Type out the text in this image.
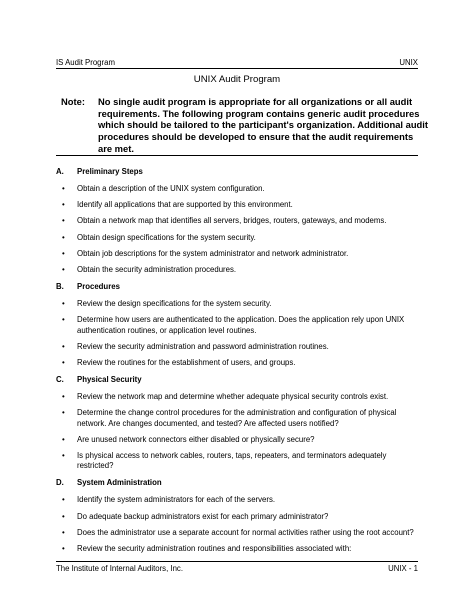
IS Audit Program	UNIX
UNIX Audit Program
Note: No single audit program is appropriate for all organizations or all audit requirements. The following program contains generic audit procedures which should be tailored to the participant's organization. Additional audit procedures should be developed to ensure that the audit requirements are met.
A. Preliminary Steps
• Obtain a description of the UNIX system configuration.
• Identify all applications that are supported by this environment.
• Obtain a network map that identifies all servers, bridges, routers, gateways, and modems.
• Obtain design specifications for the system security.
• Obtain job descriptions for the system administrator and network administrator.
• Obtain the security administration procedures.
B. Procedures
• Review the design specifications for the system security.
• Determine how users are authenticated to the application. Does the application rely upon UNIX authentication routines, or application level routines.
• Review the security administration and password administration routines.
• Review the routines for the establishment of users, and groups.
C. Physical Security
• Review the network map and determine whether adequate physical security controls exist.
• Determine the change control procedures for the administration and configuration of physical network. Are changes documented, and tested? Are affected users notified?
• Are unused network connectors either disabled or physically secure?
• Is physical access to network cables, routers, taps, repeaters, and terminators adequately restricted?
D. System Administration
• Identify the system administrators for each of the servers.
• Do adequate backup administrators exist for each primary administrator?
• Does the administrator use a separate account for normal activities rather using the root account?
• Review the security administration routines and responsibilities associated with:
The Institute of Internal Auditors, Inc.	UNIX - 1
